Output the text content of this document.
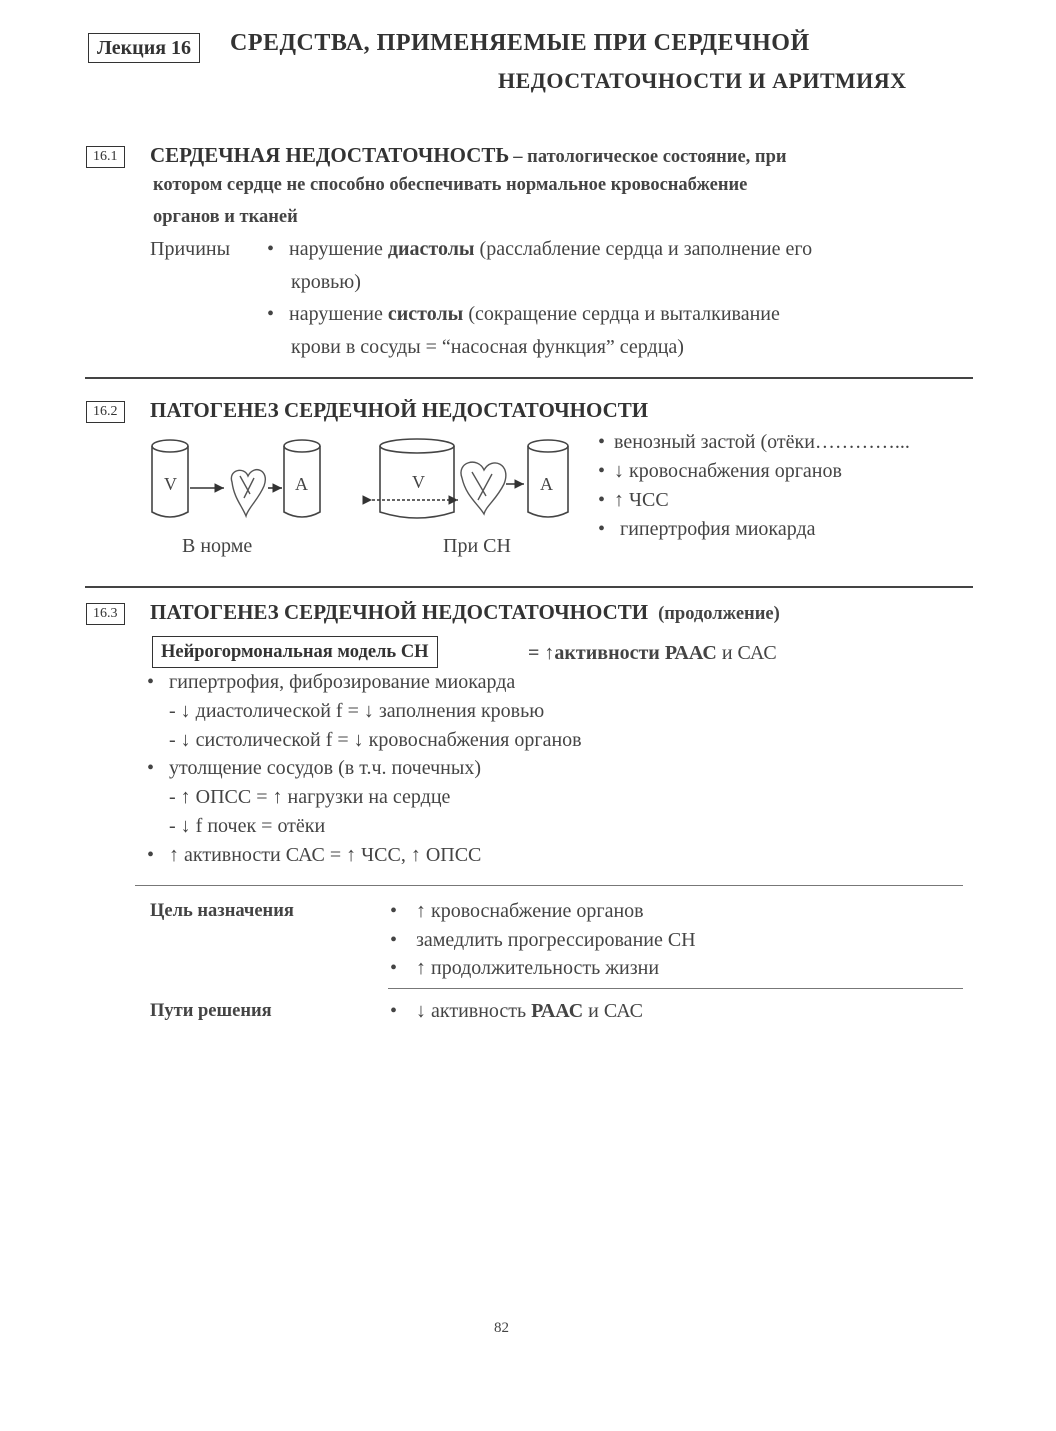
Лекция 16	СРЕДСТВА, ПРИМЕНЯЕМЫЕ ПРИ СЕРДЕЧНОЙ
НЕДОСТАТОЧНОСТИ И АРИТМИЯХ
16.1	СЕРДЕЧНАЯ НЕДОСТАТОЧНОСТЬ – патологическое состояние, при
котором сердце не способно обеспечивать нормальное кровоснабжение
органов и тканей
Причины • нарушение диастолы (расслабление сердца и заполнение его
кровью)
• нарушение систолы (сокращение сердца и выталкивание
крови в сосуды = “насосная функция” сердца)
16.2	ПАТОГЕНЕЗ СЕРДЕЧНОЙ НЕДОСТАТОЧНОСТИ
V	A	V	A
В норме	При СН
• венозный застой (отёки…………...
• ↓ кровоснабжения органов
• ↑ ЧСС
• гипертрофия миокарда
16.3	ПАТОГЕНЕЗ СЕРДЕЧНОЙ НЕДОСТАТОЧНОСТИ (продолжение)
Нейрогормональная модель СН	= ↑активности РААС и САС
• гипертрофия, фиброзирование миокарда
- ↓ диастолической f = ↓ заполнения кровью
- ↓ систолической f = ↓ кровоснабжения органов
• утолщение сосудов (в т.ч. почечных)
- ↑ ОПСС = ↑ нагрузки на сердце
- ↓ f почек = отёки
• ↑ активности САС = ↑ ЧСС, ↑ ОПСС
Цель назначения	• ↑ кровоснабжение органов
• замедлить прогрессирование СН
• ↑ продолжительность жизни
Пути решения	• ↓ активность РААС и САС
82
